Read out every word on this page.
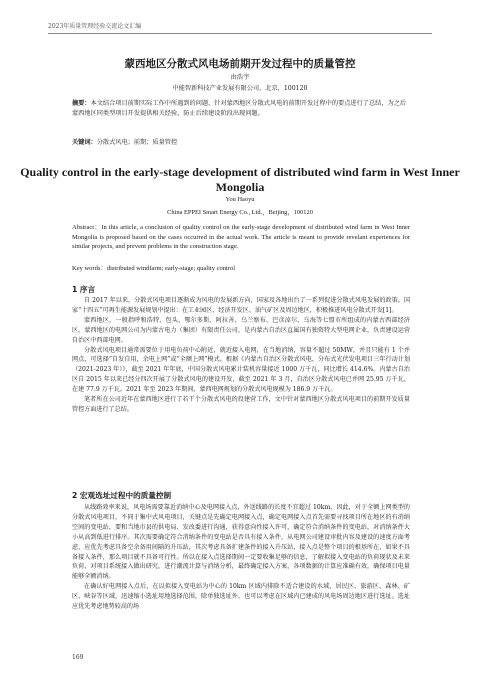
2023年质量管理经验交流论文汇编
蒙西地区分散式风电场前期开发过程中的质量管控
由浩宇
中能智新科技产业发展有限公司，北京，100120
摘要：本文结合项目前期实际工作中所遇到的问题，针对蒙西地区分散式风电的前期开发过程中的要点进行了总结，为之后蒙西地区同类型项目开发提供相关经验，防止后续建设阶段出现问题。
关键词：分散式风电；前期；质量管控
Quality control in the early-stage development of distributed wind farm in West Inner Mongolia
You Haoyu
China EPPEI Smart Energy Co., Ltd.，Beijing，100120
Abstract：In this article, a conclusion of quality control on the early-stage development of distributed wind farm in West Inner Mongolia is proposed based on the cases occurred in the actual work. The article is meant to provide revelant experiences for similar projects, and prevent problems in the construction stage.
Key words：distributed windfarm; early-stage; quality control
1 序言

自 2017 年以来，分散式风电项目逐渐成为风电的发展新方向，国家及各地出台了一系列促进分散式风电发展的政策。国家“十四五”可再生能源发展规划中提出：在工业园区、经济开发区、油气矿区及周边地区，积极推进风电分散式开发[1]。

蒙西地区，一般指呼和浩特、包头、鄂尔多斯、阿拉善、乌兰察布、巴彦淖尔、乌海等七盟市所组成的内蒙古西部经济区。蒙西地区的电网公司为内蒙古电力（集团）有限责任公司，是内蒙古自治区直属国有独资特大型电网企业，负责建设运营自治区中西部电网。

分散式风电项目通常需要位于用电负荷中心附近，就近接入电网，在当地消纳，容量不超过 50MW，并且只能有 1 个并网点，可选择“自发自用，余电上网”或“全额上网”模式。根据《内蒙古自治区分散式风电、分布式光伏发电项目三年行动计划（2021-2023 年）》，截至 2021 年年底，中国分散式风电累计装机容量接近 1000 万千瓦，同比增长 414.6%。内蒙古自治区自 2015 年以来已经分四次开展了分散式风电的建设开发，截至 2021 年 3 月，自治区分散式风电已并网 25.95 万千瓦，在建 77.9 万千瓦。2021 年至 2023 年期间，蒙西电网规划的分散式风电规模为 186.9 万千瓦。

笔者所在公司近年在蒙西地区进行了若干个分散式风电的投建营工作，文中针对蒙西地区分散式风电项目的前期开发质量管控方面进行了总结。

2 宏观选址过程中的质量控制

从线路效率来说，风电场需要靠近消纳中心及电网接入点，外送线路的长度不宜超过 10km，因此，对于全额上网类型的分散式风电项目，不同于集中式风电项目，关键点是先确定电网接入点，确定电网接入点首先需要寻找项目所在地区的有消纳空间的变电站，要和当地市县的供电局、发改委进行沟通，获得意向性接入许可，确定符合消纳条件的变电站，对消纳条件大小从高到低进行排序。其次需要确定符合消纳条件的变电站是否具有接入条件，从电网公司建设审批内容及建设的速度方面考虑，应优先考虑具备空余备用间隔的升压站，其次考虑具备扩建条件的接入升压站，接入点是整个项目的根基所在，如果不具备接入条件，那么项目就不具备可行性。所以在接入点选择期间一定要收集足够的信息，了解拟接入变电站的负荷现状及未来负荷，对项目系统接入做出研究，进行潮流计算与消纳分析，最终确定接入方案，各项数据的计算应准确有效，确保项目电量能够全额消纳。

在确认好电网接入点后，在以拟接入变电站为中心的 10km 区域内排除不适合建设的水域、居民区、旅游区、森林、矿区、峡谷等区域，迅速缩小选址用地选择范围，除单独选址外，也可以考虑在区域内已建成的风电场周边地区进行选址。选址应优先考虑地势较高的场

169
